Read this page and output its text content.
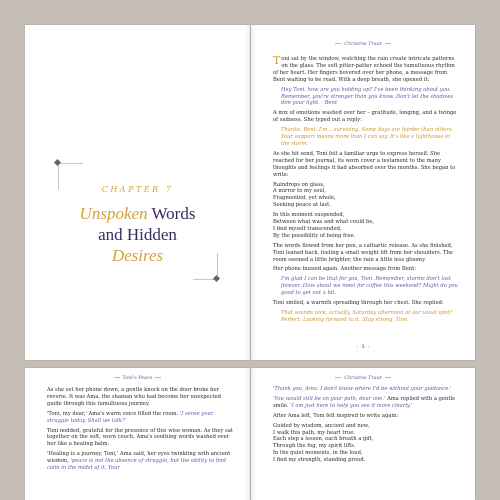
CHAPTER 7
Unspoken Words
and Hidden
Desires
Christine Traut

Toni sat by the window, watching the rain create intricate patterns on the glass. The soft pitter-patter echoed the tumultuous rhythm of her heart. Her fingers hovered over her phone, a message from Bent waiting to be read. With a deep breath, she opened it:

Hey Toni, how are you holding up? I've been thinking about you. Remember, you're stronger than you know. Don't let the shadows dim your light. · Bent

A mix of emotions washed over her – gratitude, longing, and a twinge of sadness. She typed out a reply:

Thanks, Bent. I'm... surviving. Some days are harder than others. Your support means more than I can say. It's like a lighthouse in the storm.

As she hit send, Toni felt a familiar urge to express herself. She reached for her journal, its worn cover a testament to the many thoughts and feelings it had absorbed over the months. She began to write:

Raindrops on glass,
A mirror to my soul,
Fragmented, yet whole,
Seeking peace at last.
In this moment suspended,
Between what was and what could be,
I find myself transcended,
By the possibility of being free.

The words flowed from her pen, a cathartic release. As she finished, Toni leaned back, feeling a small weight lift from her shoulders. The room seemed a little brighter, the rain a little less gloomy.

Her phone buzzed again. Another message from Bent:

I'm glad I can be that for you, Toni. Remember, storms don't last forever. How about we meet for coffee this weekend? Might do you good to get out a bit.

Toni smiled, a warmth spreading through her chest. She replied:

That sounds nice, actually. Saturday afternoon at our usual spot?

Perfect. Looking forward to it. Stay strong, Toni.

‹ 3 ›
Toni's Peace

As she set her phone down, a gentle knock on the door broke her reverie. It was Ama, the shaman who had become her unexpected guide through this tumultuous journey.

'Toni, my dear,' Ama's warm voice filled the room. 'I sense your struggle today. Shall we talk?'

Toni nodded, grateful for the presence of this wise woman. As they sat together on the soft, worn couch, Ama's soothing words washed over her like a healing balm.

'Healing is a journey, Toni,' Ama said, her eyes twinkling with ancient wisdom, 'peace is not the absence of struggle, but the ability to find calm in the midst of it. Your

Christine Traut

'Thank you, Ama. I don't know where I'd be without your guidance.'

'You would still be on your path, dear one.' Ama replied with a gentle smile. 'I am just here to help you see it more clearly.'

After Ama left, Toni felt inspired to write again:

Guided by wisdom, ancient and new,
I walk this path, my heart true.
Each step a lesson, each breath a gift,
Through the fog, my spirit lifts.
In the quiet moments, in the loud,
I find my strength, standing proud.
